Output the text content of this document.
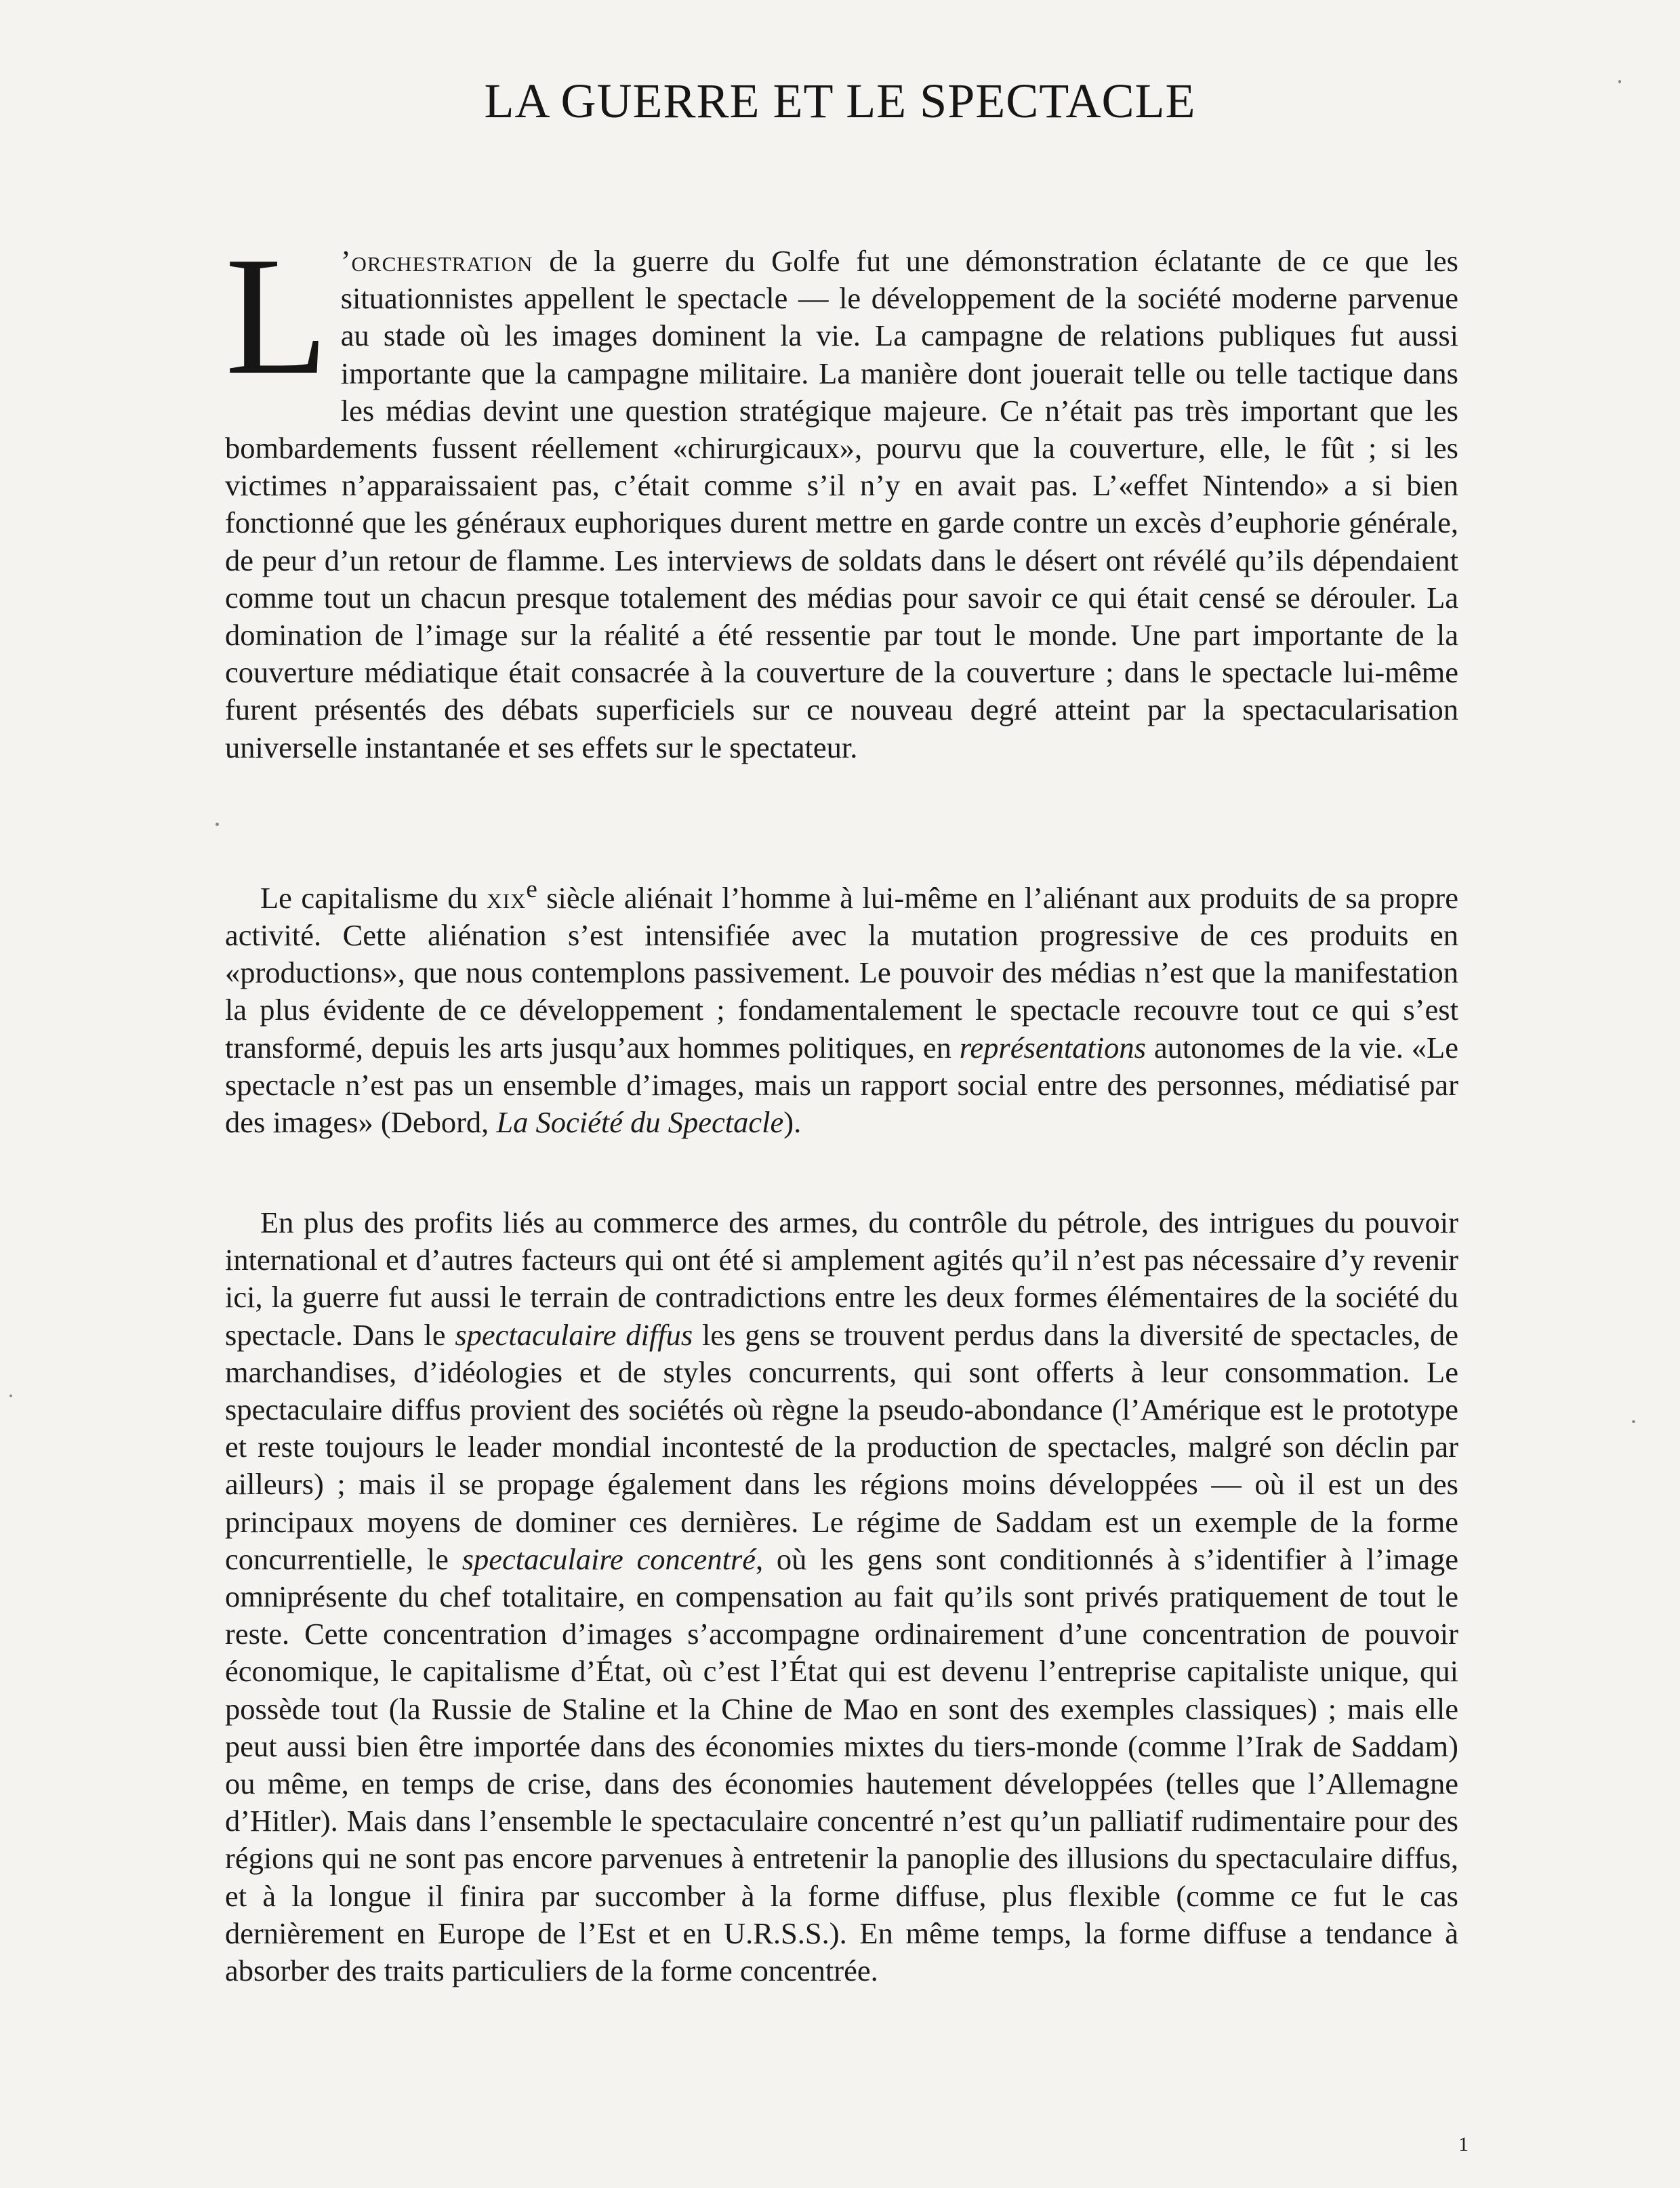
LA GUERRE ET LE SPECTACLE

L ’orchestration de la guerre du Golfe fut une démonstration éclatante de ce que les situationnistes appellent le spectacle — le développement de la société moderne parvenue au stade où les images dominent la vie. La campagne de relations publiques fut aussi importante que la campagne militaire. La manière dont jouerait telle ou telle tactique dans les médias devint une question stratégique majeure. Ce n’était pas très important que les bombardements fussent réellement «chirurgicaux», pourvu que la couverture, elle, le fût ; si les victimes n’apparaissaient pas, c’était comme s’il n’y en avait pas. L’«effet Nintendo» a si bien fonctionné que les généraux euphoriques durent mettre en garde contre un excès d’euphorie générale, de peur d’un retour de flamme. Les interviews de soldats dans le désert ont révélé qu’ils dépendaient comme tout un chacun presque totalement des médias pour savoir ce qui était censé se dérouler. La domination de l’image sur la réalité a été ressentie par tout le monde. Une part importante de la couverture médiatique était consacrée à la couverture de la couverture ; dans le spectacle lui-même furent présentés des débats superficiels sur ce nouveau degré atteint par la spectacularisation universelle instantanée et ses effets sur le spectateur.

Le capitalisme du xix$^e$ siècle aliénait l’homme à lui-même en l’aliénant aux produits de sa propre activité. Cette aliénation s’est intensifiée avec la mutation progressive de ces produits en «productions», que nous contemplons passivement. Le pouvoir des médias n’est que la manifestation la plus évidente de ce développement ; fondamentalement le spectacle recouvre tout ce qui s’est transformé, depuis les arts jusqu’aux hommes politiques, en représentations autonomes de la vie. «Le spectacle n’est pas un ensemble d’images, mais un rapport social entre des personnes, médiatisé par des images» (Debord, La Société du Spectacle).

En plus des profits liés au commerce des armes, du contrôle du pétrole, des intrigues du pouvoir international et d’autres facteurs qui ont été si amplement agités qu’il n’est pas nécessaire d’y revenir ici, la guerre fut aussi le terrain de contradictions entre les deux formes élémentaires de la société du spectacle. Dans le spectaculaire diffus les gens se trouvent perdus dans la diversité de spectacles, de marchandises, d’idéologies et de styles concurrents, qui sont offerts à leur consommation. Le spectaculaire diffus provient des sociétés où règne la pseudo-abondance (l’Amérique est le prototype et reste toujours le leader mondial incontesté de la production de spectacles, malgré son déclin par ailleurs) ; mais il se propage également dans les régions moins développées — où il est un des principaux moyens de dominer ces dernières. Le régime de Saddam est un exemple de la forme concurrentielle, le spectaculaire concentré, où les gens sont conditionnés à s’identifier à l’image omniprésente du chef totalitaire, en compensation au fait qu’ils sont privés pratiquement de tout le reste. Cette concentration d’images s’accompagne ordinairement d’une concentration de pouvoir économique, le capitalisme d’État, où c’est l’État qui est devenu l’entreprise capitaliste unique, qui possède tout (la Russie de Staline et la Chine de Mao en sont des exemples classiques) ; mais elle peut aussi bien être importée dans des économies mixtes du tiers-monde (comme l’Irak de Saddam) ou même, en temps de crise, dans des économies hautement développées (telles que l’Allemagne d’Hitler). Mais dans l’ensemble le spectaculaire concentré n’est qu’un palliatif rudimentaire pour des régions qui ne sont pas encore parvenues à entretenir la panoplie des illusions du spectaculaire diffus, et à la longue il finira par succomber à la forme diffuse, plus flexible (comme ce fut le cas dernièrement en Europe de l’Est et en U.R.S.S.). En même temps, la forme diffuse a tendance à absorber des traits particuliers de la forme concentrée.

1
